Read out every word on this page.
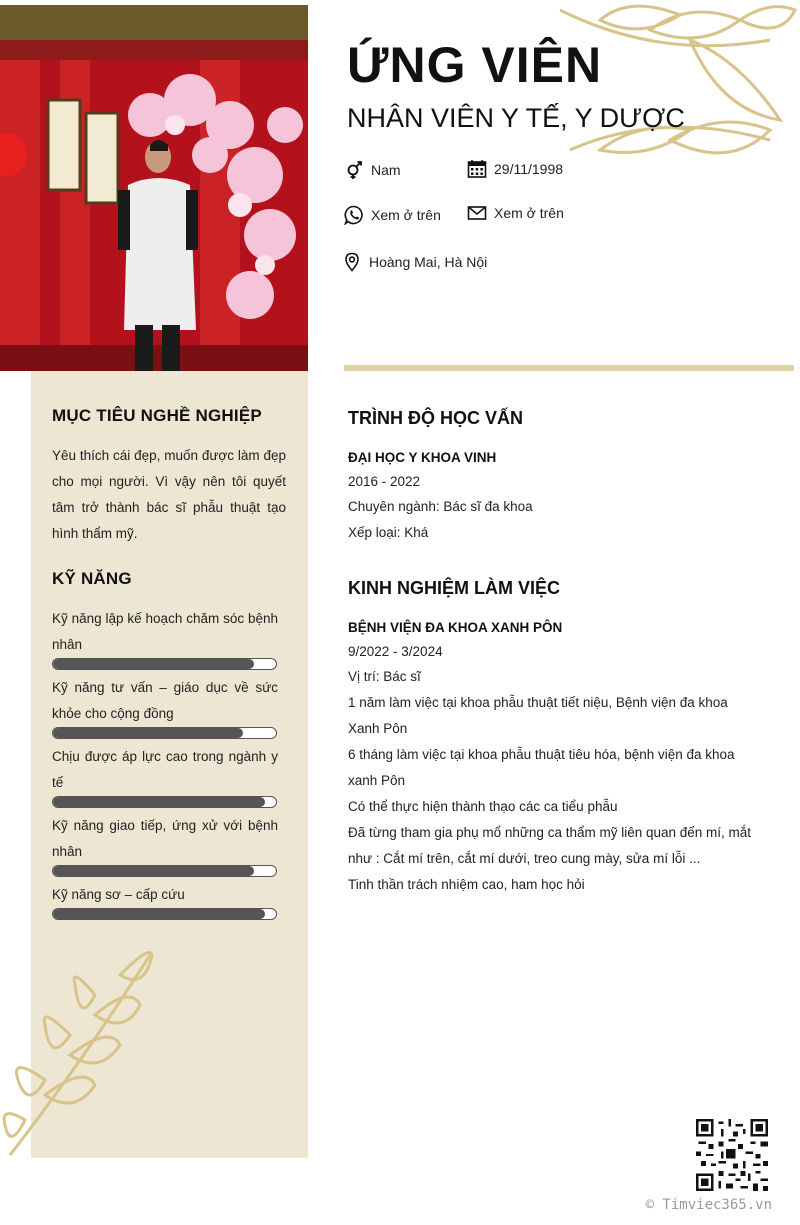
ỨNG VIÊN
NHÂN VIÊN Y TẾ, Y DƯỢC
Nam	29/11/1998
Xem ở trên	Xem ở trên
Hoàng Mai, Hà Nội
MỤC TIÊU NGHỀ NGHIỆP
Yêu thích cái đẹp, muốn được làm đẹp cho mọi người. Vì vậy nên tôi quyết tâm trở thành bác sĩ phẫu thuật tạo hình thẩm mỹ.
KỸ NĂNG
Kỹ năng lập kế hoạch chăm sóc bệnh nhân
Kỹ năng tư vấn – giáo dục về sức khỏe cho cộng đồng
Chịu được áp lực cao trong ngành y tế
Kỹ năng giao tiếp, ứng xử với bệnh nhân
Kỹ năng sơ – cấp cứu
TRÌNH ĐỘ HỌC VẤN
ĐẠI HỌC Y KHOA VINH
2016 - 2022
Chuyên ngành: Bác sĩ đa khoa
Xếp loại: Khá
KINH NGHIỆM LÀM VIỆC
BỆNH VIỆN ĐA KHOA XANH PÔN
9/2022 - 3/2024
Vị trí: Bác sĩ
1 năm làm việc tại khoa phẫu thuật tiết niệu, Bệnh viện đa khoa
Xanh Pôn
6 tháng làm việc tại khoa phẫu thuật tiêu hóa, bệnh viện đa khoa
xanh Pôn
Có thể thực hiện thành thạo các ca tiểu phẫu
Đã từng tham gia phụ mổ những ca thẩm mỹ liên quan đến mí, mắt
như : Cắt mí trên, cắt mí dưới, treo cung mày, sửa mí lỗi ...
Tinh thần trách nhiệm cao, ham học hỏi
© Timviec365.vn
